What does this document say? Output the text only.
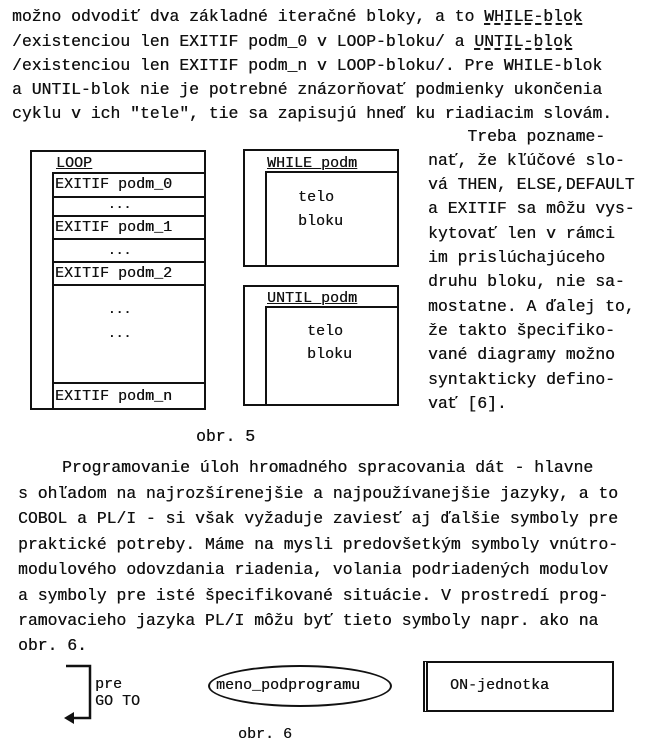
možno odvodiť dva základné iteračné bloky, a to WHILE-blok
/existenciou len EXITIF podm_0 v LOOP-bloku/ a UNTIL-blok
/existenciou len EXITIF podm_n v LOOP-bloku/. Pre WHILE-blok
a UNTIL-blok nie je potrebné znázorňovať podmienky ukončenia
cyklu v ich "tele", tie sa zapisujú hneď ku riadiacim slovám.
Treba poznamе-
nať, že kľúčové slo-
vá THEN, ELSE,DEFAULT
a EXITIF sa môžu vys-
kytovať len v rámci
im prislúchajúceho
druhu bloku, nie sa-
mostatne. A ďalej to,
že takto špecifiko-
vané diagramy možno
syntakticky defino-
vať [6].
LOOP
EXITIF podm_0
...
EXITIF podm_1
...
EXITIF podm_2
...
...
EXITIF podm_n
WHILE podm
telo
bloku
UNTIL podm
telo
bloku
obr. 5
Programovanie úloh hromadného spracovania dát - hlavne
s ohľadom na najrozšírenejšie a najpoužívanejšie jazyky, a to
COBOL a PL/I - si však vyžaduje zaviesť aj ďalšie symboly pre
praktické potreby. Máme na mysli predovšetkým symboly vnútro-
modulového odovzdania riadenia, volania podriadených modulov
a symboly pre isté špecifikované situácie. V prostredí prog-
ramovacieho jazyka PL/I môžu byť tieto symboly napr. ako na
obr. 6.
pre
GO TO
meno_podprogramu	ON-jednotka
obr. 6
